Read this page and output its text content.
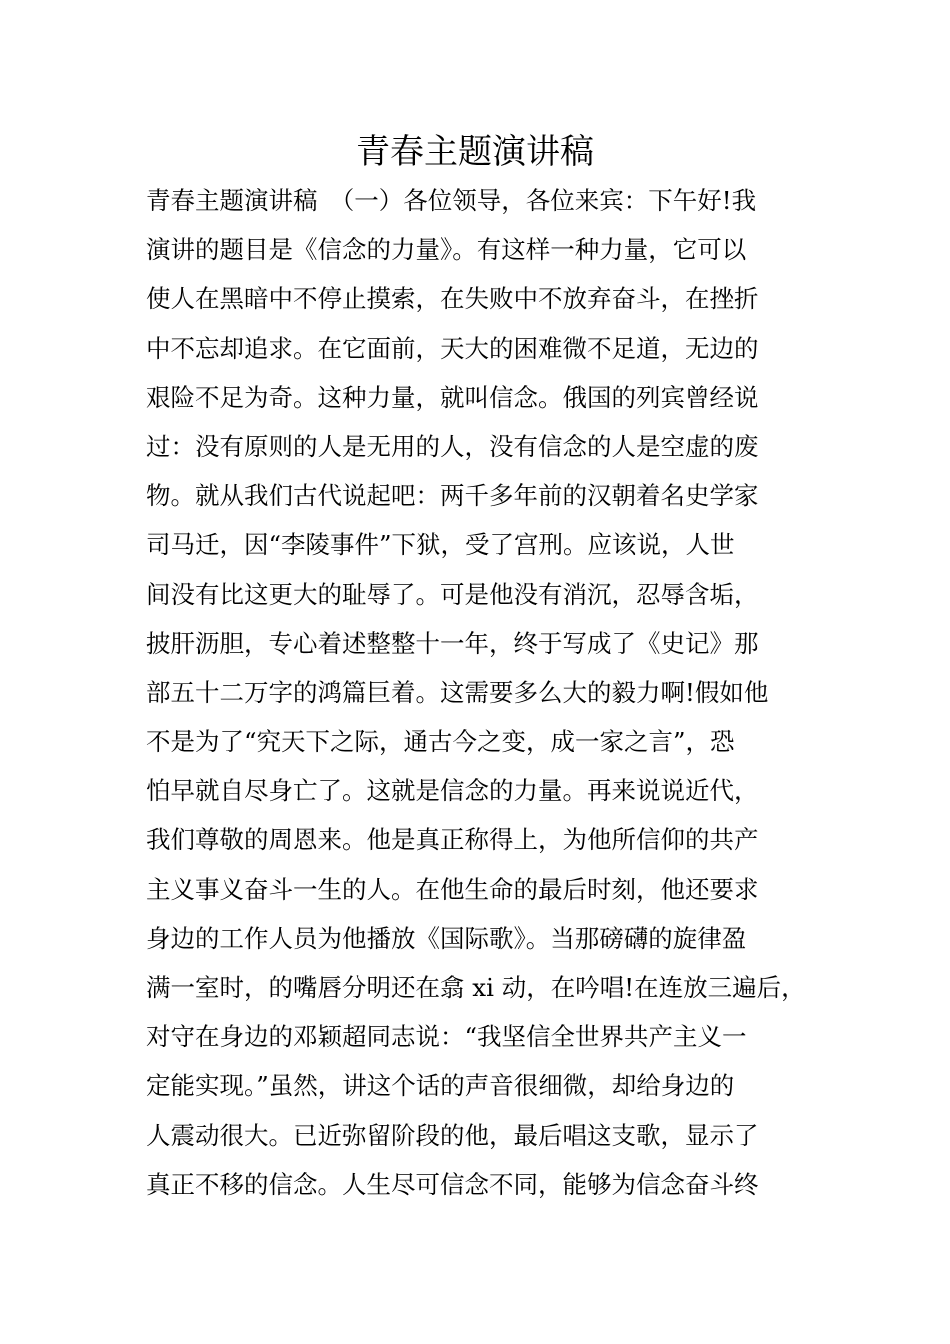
青春主题演讲稿
青春主题演讲稿　（一）各位领导，各位来宾：下午好!我
演讲的题目是《信念的力量》。有这样一种力量，它可以
使人在黑暗中不停止摸索，在失败中不放弃奋斗，在挫折
中不忘却追求。在它面前，天大的困难微不足道，无边的
艰险不足为奇。这种力量，就叫信念。俄国的列宾曾经说
过：没有原则的人是无用的人，没有信念的人是空虚的废
物。就从我们古代说起吧：两千多年前的汉朝着名史学家
司马迁，因“李陵事件”下狱，受了宫刑。应该说，人世
间没有比这更大的耻辱了。可是他没有消沉，忍辱含垢，
披肝沥胆，专心着述整整十一年，终于写成了《史记》那
部五十二万字的鸿篇巨着。这需要多么大的毅力啊!假如他
不是为了“究天下之际，通古今之变，成一家之言”，恐
怕早就自尽身亡了。这就是信念的力量。再来说说近代，
我们尊敬的周恩来。他是真正称得上，为他所信仰的共产
主义事义奋斗一生的人。在他生命的最后时刻，他还要求
身边的工作人员为他播放《国际歌》。当那磅礴的旋律盈
满一室时，的嘴唇分明还在翕 xi 动，在吟唱!在连放三遍后，
对守在身边的邓颖超同志说：“我坚信全世界共产主义一
定能实现。”虽然，讲这个话的声音很细微，却给身边的
人震动很大。已近弥留阶段的他，最后唱这支歌，显示了
真正不移的信念。人生尽可信念不同，能够为信念奋斗终
